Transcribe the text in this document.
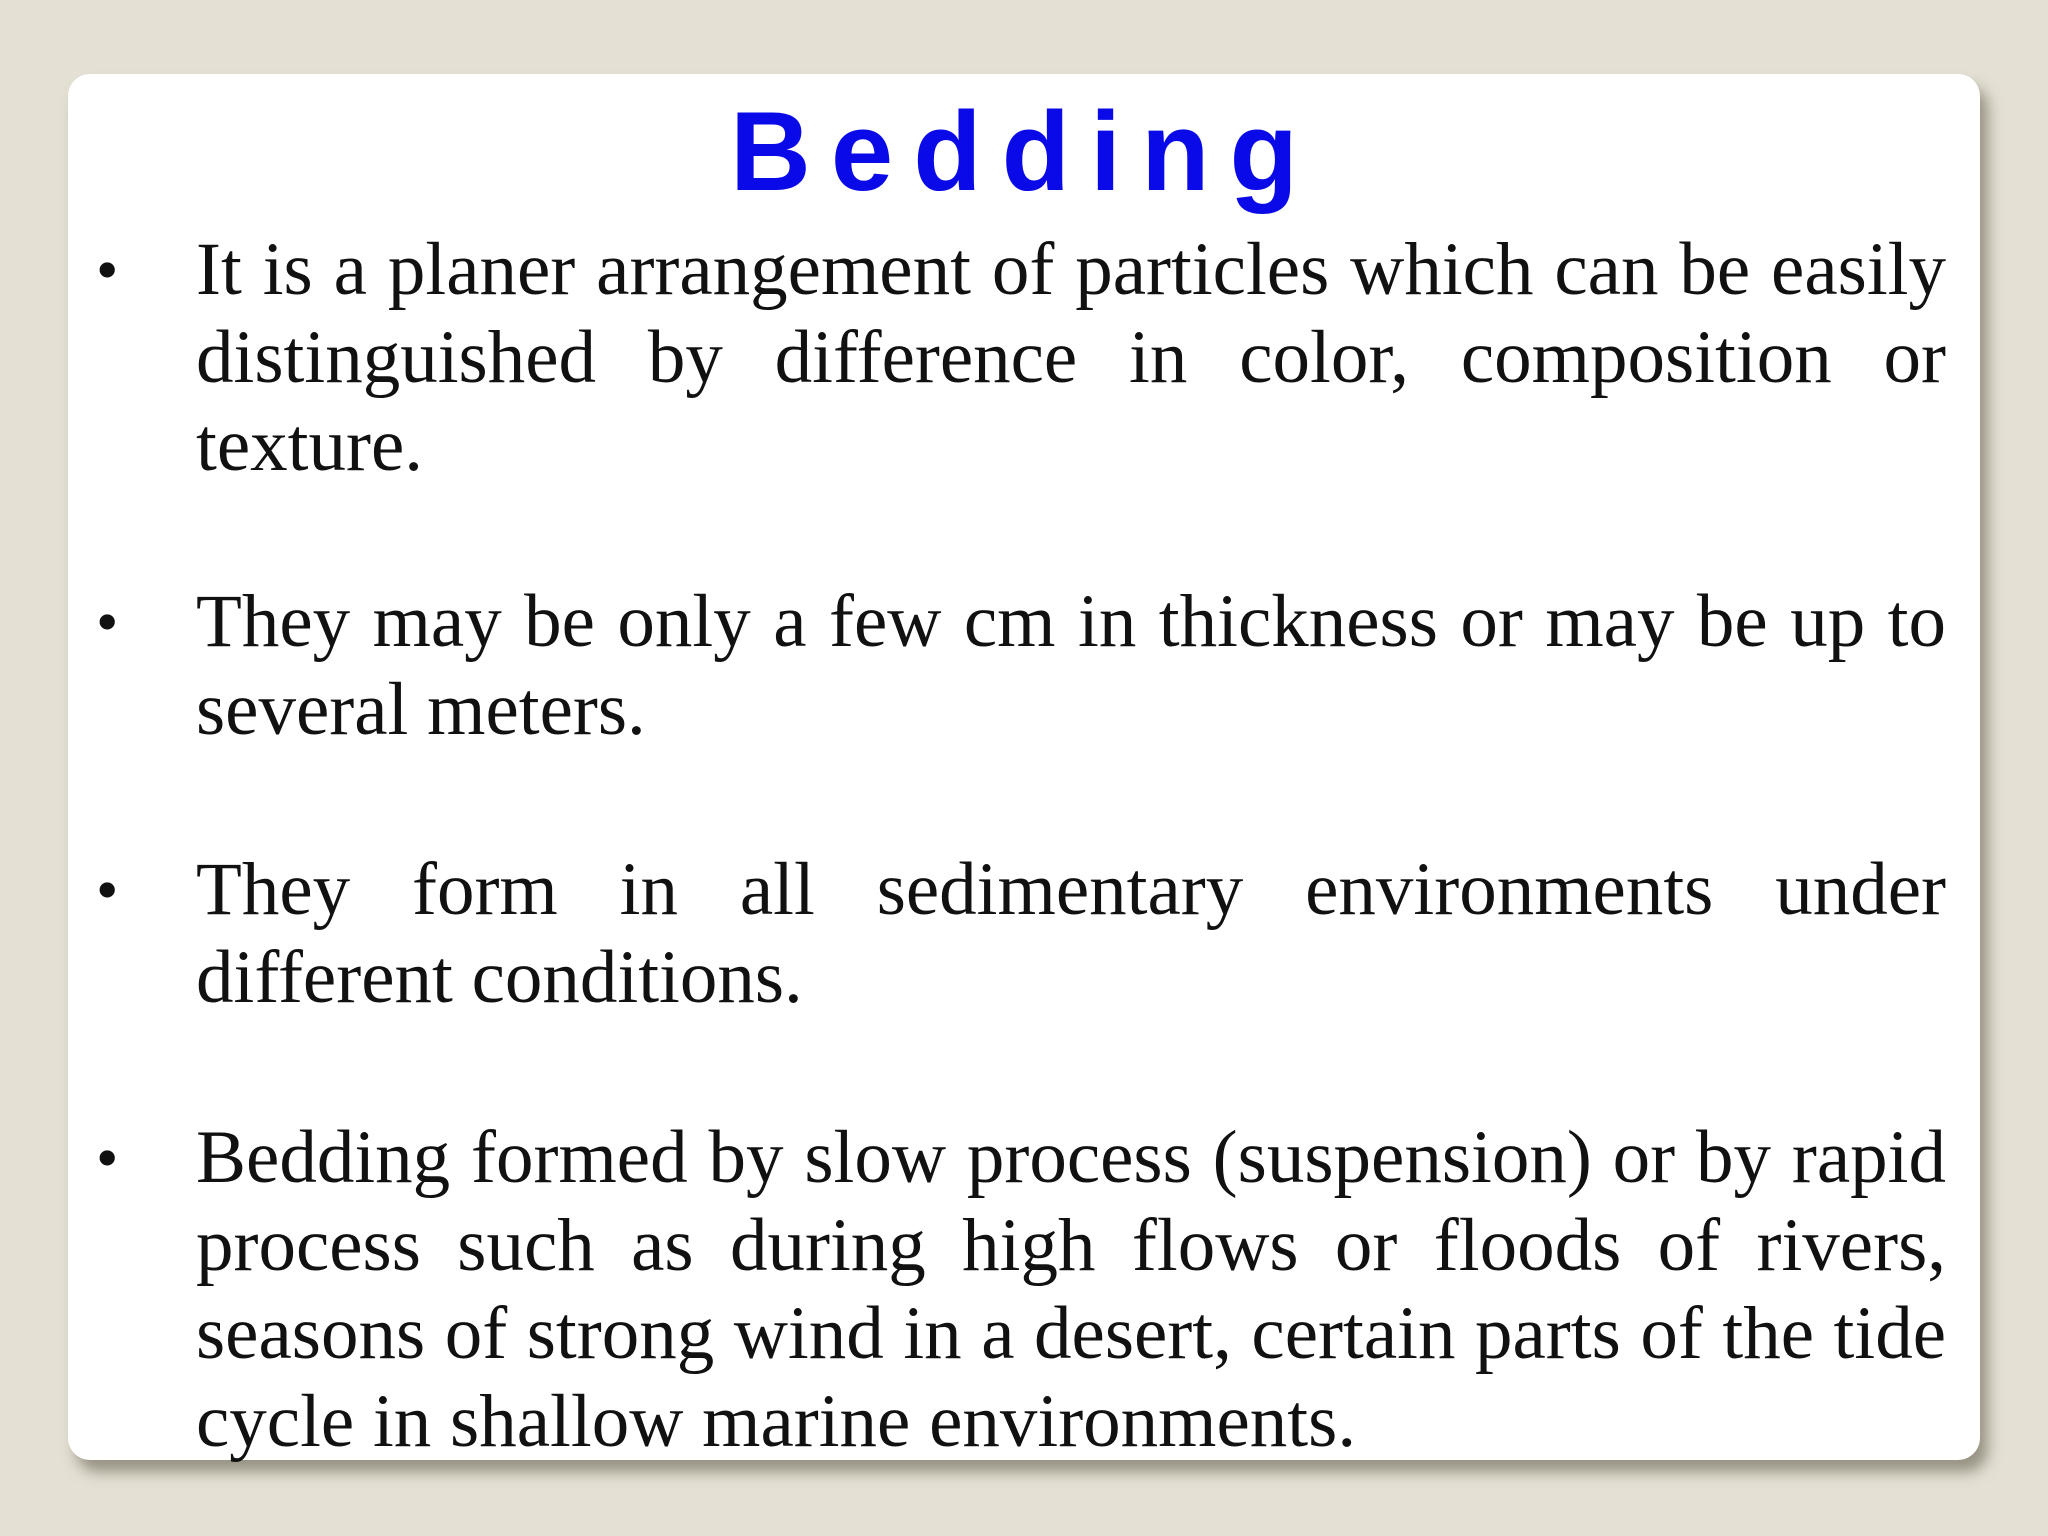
Bedding
• It is a planer arrangement of particles which can be easily distinguished by difference in color, composition or texture.
• They may be only a few cm in thickness or may be up to several meters.
• They form in all sedimentary environments under different conditions.
• Bedding formed by slow process (suspension) or by rapid process such as during high flows or floods of rivers, seasons of strong wind in a desert, certain parts of the tide cycle in shallow marine environments.
